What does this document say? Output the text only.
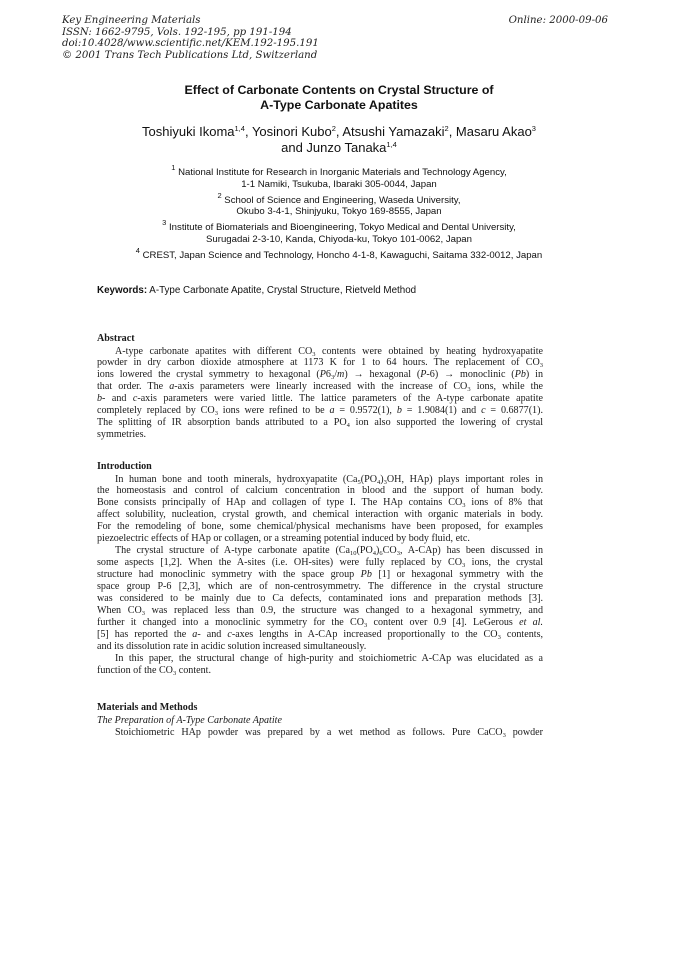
Key Engineering Materials
ISSN: 1662-9795, Vols. 192-195, pp 191-194
doi:10.4028/www.scientific.net/KEM.192-195.191
© 2001 Trans Tech Publications Ltd, Switzerland
Online: 2000-09-06
Effect of Carbonate Contents on Crystal Structure of
A-Type Carbonate Apatites
Toshiyuki Ikoma$^{1,4}$, Yosinori Kubo$^2$, Atsushi Yamazaki$^2$, Masaru Akao$^3$
and Junzo Tanaka$^{1,4}$
$^1$ National Institute for Research in Inorganic Materials and Technology Agency,
1-1 Namiki, Tsukuba, Ibaraki 305-0044, Japan
$^2$ School of Science and Engineering, Waseda University,
Okubo 3-4-1, Shinjyuku, Tokyo 169-8555, Japan
$^3$ Institute of Biomaterials and Bioengineering, Tokyo Medical and Dental University,
Surugadai 2-3-10, Kanda, Chiyoda-ku, Tokyo 101-0062, Japan
$^4$ CREST, Japan Science and Technology, Honcho 4-1-8, Kawaguchi, Saitama 332-0012, Japan
Keywords: A-Type Carbonate Apatite, Crystal Structure, Rietveld Method
Abstract
A-type carbonate apatites with different $CO_3$ contents were obtained by heating hydroxyapatite
powder in dry carbon dioxide atmosphere at 1173 K for 1 to 64 hours. The replacement of $CO_3$
ions lowered the crystal symmetry to hexagonal $(P6_3/m)$ → hexagonal (P-6) → monoclinic (Pb) in
that order. The a-axis parameters were linearly increased with the increase of $CO_3$ ions, while the
b- and c-axis parameters were varied little. The lattice parameters of the A-type carbonate apatite
completely replaced by $CO_3$ ions were refined to be a = 0.9572(1), b = 1.9084(1) and c = 0.6877(1).
The splitting of IR absorption bands attributed to a $PO_4$ ion also supported the lowering of crystal
symmetries.
Introduction
In human bone and tooth minerals, hydroxyapatite ($Ca_5(PO_4)_3OH$, HAp) plays important roles in
the homeostasis and control of calcium concentration in blood and the support of human body.
Bone consists principally of HAp and collagen of type I. The HAp contains $CO_3$ ions of 8% that
affect solubility, nucleation, crystal growth, and chemical interaction with organic materials in body.
For the remodeling of bone, some chemical/physical mechanisms have been proposed, for examples
piezoelectric effects of HAp or collagen, or a streaming potential induced by body fluid, etc.
The crystal structure of A-type carbonate apatite ($Ca_{10}(PO_4)_6CO_3$, A-CAp) has been discussed in
some aspects [1,2]. When the A-sites (i.e. OH-sites) were fully replaced by $CO_3$ ions, the crystal
structure had monoclinic symmetry with the space group Pb [1] or hexagonal symmetry with the
space group P-6 [2,3], which are of non-centrosymmetry. The difference in the crystal structure
was considered to be mainly due to Ca defects, contaminated ions and preparation methods [3].
When $CO_3$ was replaced less than 0.9, the structure was changed to a hexagonal symmetry, and
further it changed into a monoclinic symmetry for the $CO_3$ content over 0.9 [4]. LeGerous et al.
[5] has reported the a- and c-axes lengths in A-CAp increased proportionally to the $CO_3$ contents,
and its dissolution rate in acidic solution increased simultaneously.
In this paper, the structural change of high-purity and stoichiometric A-CAp was elucidated as a
function of the $CO_3$ content.
Materials and Methods
The Preparation of A-Type Carbonate Apatite
Stoichiometric HAp powder was prepared by a wet method as follows. Pure CaCO$_3$ powder
